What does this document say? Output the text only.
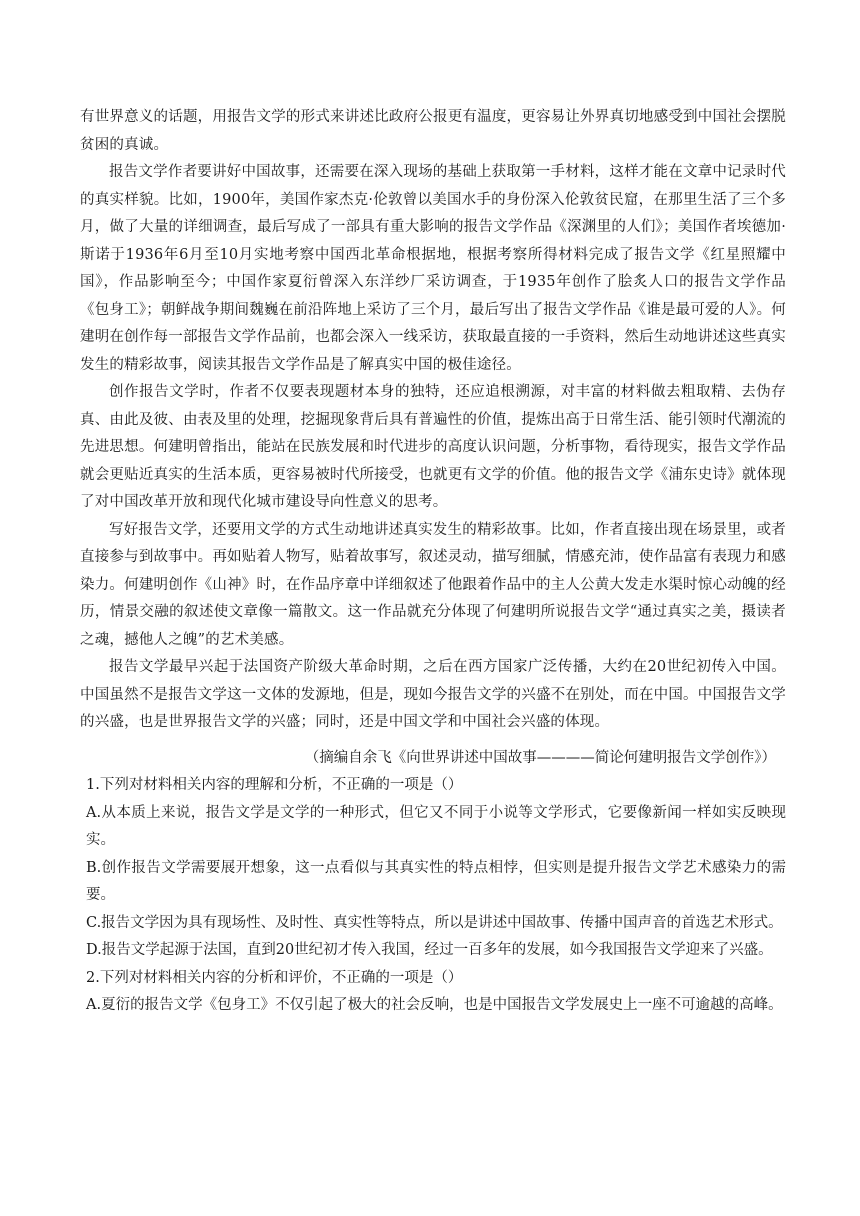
有世界意义的话题，用报告文学的形式来讲述比政府公报更有温度，更容易让外界真切地感受到中国社会摆脱贫困的真诚。

报告文学作者要讲好中国故事，还需要在深入现场的基础上获取第一手材料，这样才能在文章中记录时代的真实样貌。比如，1900年，美国作家杰克·伦敦曾以美国水手的身份深入伦敦贫民窟，在那里生活了三个多月，做了大量的详细调查，最后写成了一部具有重大影响的报告文学作品《深渊里的人们》；美国作者埃德加·斯诺于1936年6月至10月实地考察中国西北革命根据地，根据考察所得材料完成了报告文学《红星照耀中国》，作品影响至今；中国作家夏衍曾深入东洋纱厂采访调查，于1935年创作了脍炙人口的报告文学作品《包身工》；朝鲜战争期间魏巍在前沿阵地上采访了三个月，最后写出了报告文学作品《谁是最可爱的人》。何建明在创作每一部报告文学作品前，也都会深入一线采访，获取最直接的一手资料，然后生动地讲述这些真实发生的精彩故事，阅读其报告文学作品是了解真实中国的极佳途径。

创作报告文学时，作者不仅要表现题材本身的独特，还应追根溯源，对丰富的材料做去粗取精、去伪存真、由此及彼、由表及里的处理，挖掘现象背后具有普遍性的价值，提炼出高于日常生活、能引领时代潮流的先进思想。何建明曾指出，能站在民族发展和时代进步的高度认识问题，分析事物，看待现实，报告文学作品就会更贴近真实的生活本质，更容易被时代所接受，也就更有文学的价值。他的报告文学《浦东史诗》就体现了对中国改革开放和现代化城市建设导向性意义的思考。

写好报告文学，还要用文学的方式生动地讲述真实发生的精彩故事。比如，作者直接出现在场景里，或者直接参与到故事中。再如贴着人物写，贴着故事写，叙述灵动，描写细腻，情感充沛，使作品富有表现力和感染力。何建明创作《山神》时，在作品序章中详细叙述了他跟着作品中的主人公黄大发走水渠时惊心动魄的经历，情景交融的叙述使文章像一篇散文。这一作品就充分体现了何建明所说报告文学“通过真实之美，摄读者之魂，撼他人之魄”的艺术美感。

报告文学最早兴起于法国资产阶级大革命时期，之后在西方国家广泛传播，大约在20世纪初传入中国。中国虽然不是报告文学这一文体的发源地，但是，现如今报告文学的兴盛不在别处，而在中国。中国报告文学的兴盛，也是世界报告文学的兴盛；同时，还是中国文学和中国社会兴盛的体现。

（摘编自余飞《向世界讲述中国故事————简论何建明报告文学创作》）

1.下列对材料相关内容的理解和分析，不正确的一项是（）

A.从本质上来说，报告文学是文学的一种形式，但它又不同于小说等文学形式，它要像新闻一样如实反映现实。

B.创作报告文学需要展开想象，这一点看似与其真实性的特点相悖，但实则是提升报告文学艺术感染力的需要。

C.报告文学因为具有现场性、及时性、真实性等特点，所以是讲述中国故事、传播中国声音的首选艺术形式。

D.报告文学起源于法国，直到20世纪初才传入我国，经过一百多年的发展，如今我国报告文学迎来了兴盛。

2.下列对材料相关内容的分析和评价，不正确的一项是（）

A.夏衍的报告文学《包身工》不仅引起了极大的社会反响，也是中国报告文学发展史上一座不可逾越的高峰。
